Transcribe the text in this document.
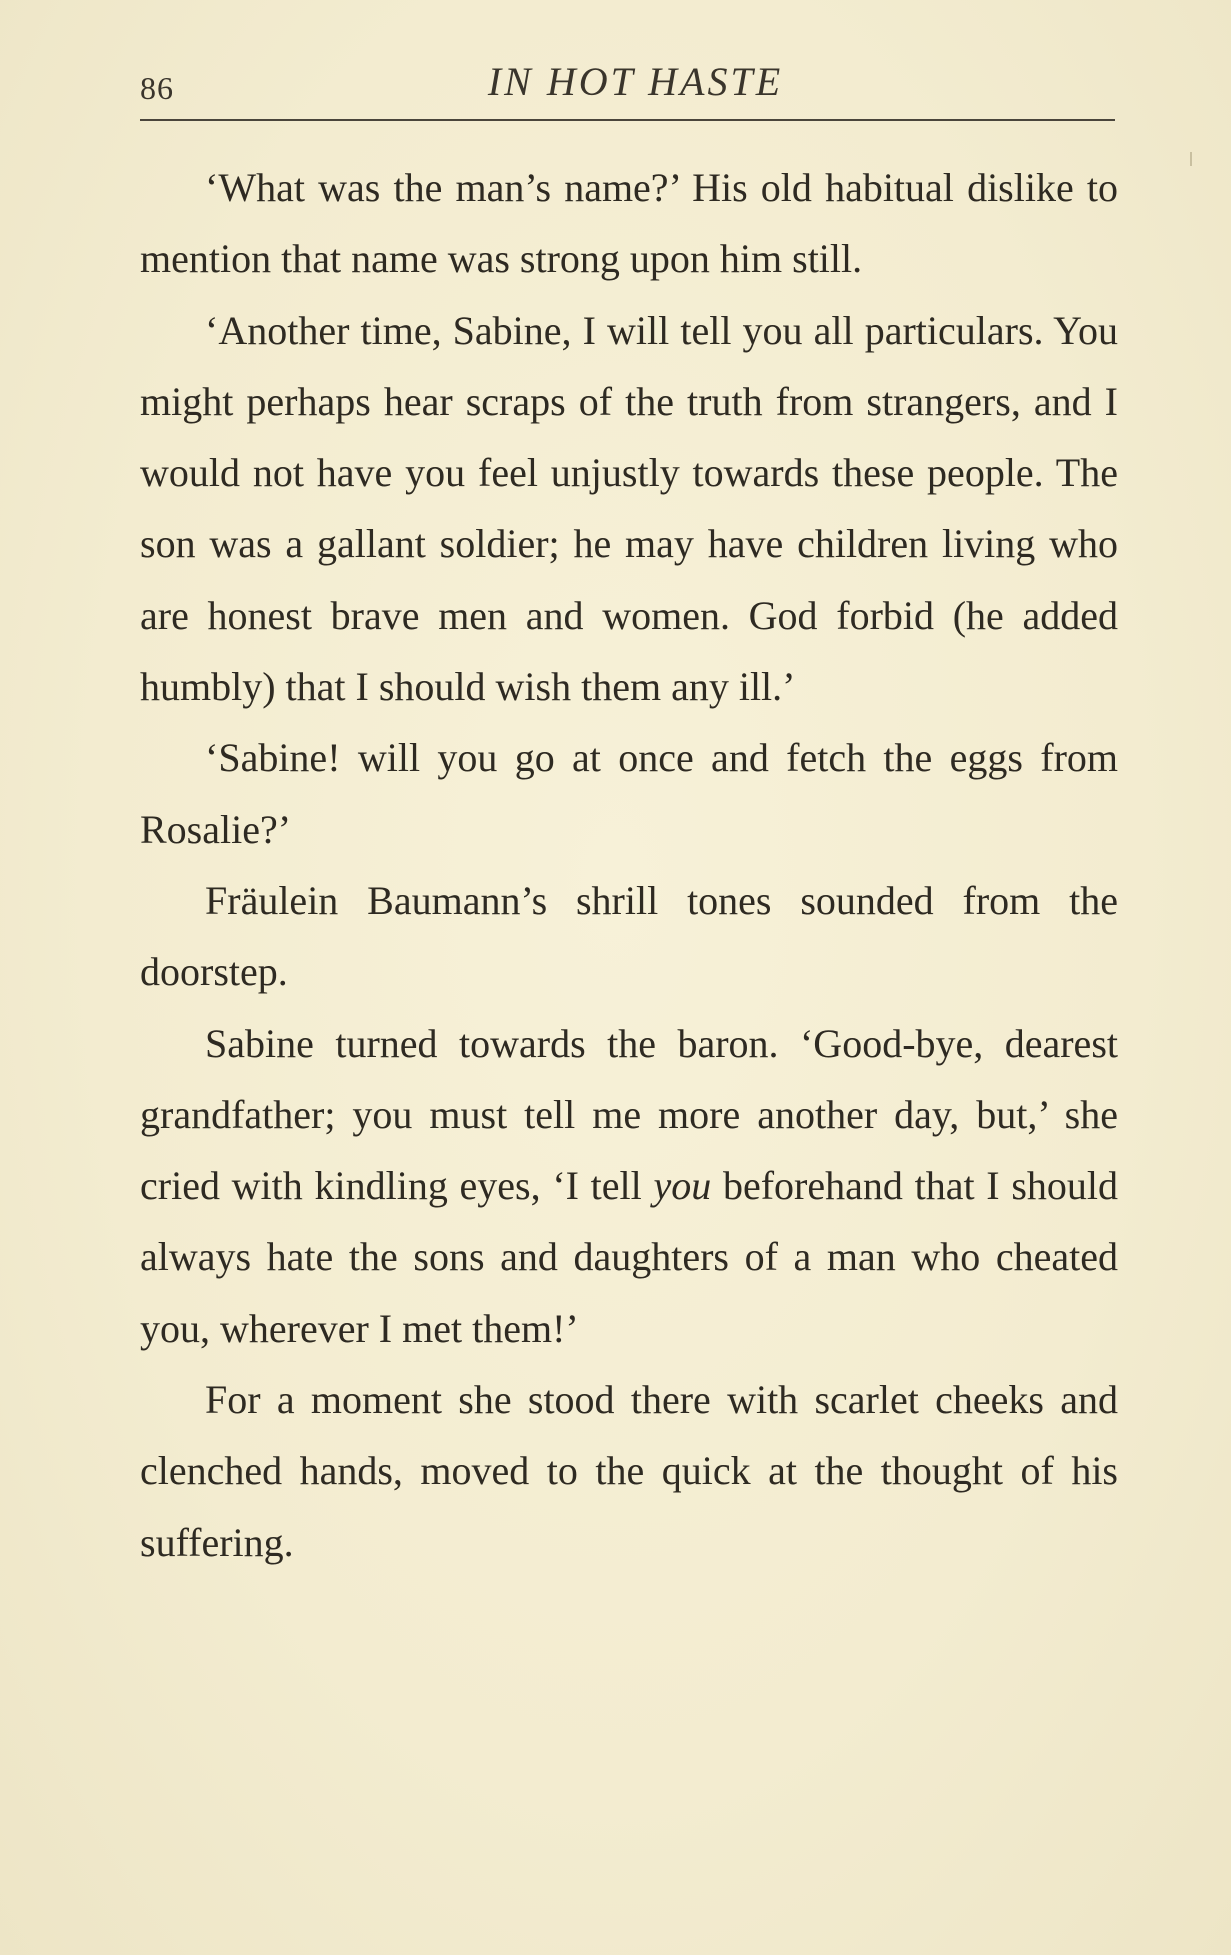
86	IN HOT HASTE

‘What was the man’s name?’ His old habitual dislike to mention that name was strong upon him still.

‘Another time, Sabine, I will tell you all particulars. You might perhaps hear scraps of the truth from strangers, and I would not have you feel unjustly towards these people. The son was a gallant soldier; he may have children living who are honest brave men and women. God forbid (he added humbly) that I should wish them any ill.’

‘Sabine! will you go at once and fetch the eggs from Rosalie?’

Fräulein Baumann’s shrill tones sounded from the doorstep.

Sabine turned towards the baron. ‘Good-bye, dearest grandfather; you must tell me more another day, but,’ she cried with kindling eyes, ‘I tell you beforehand that I should always hate the sons and daughters of a man who cheated you, wherever I met them!’

For a moment she stood there with scarlet cheeks and clenched hands, moved to the quick at the thought of his suffering.
